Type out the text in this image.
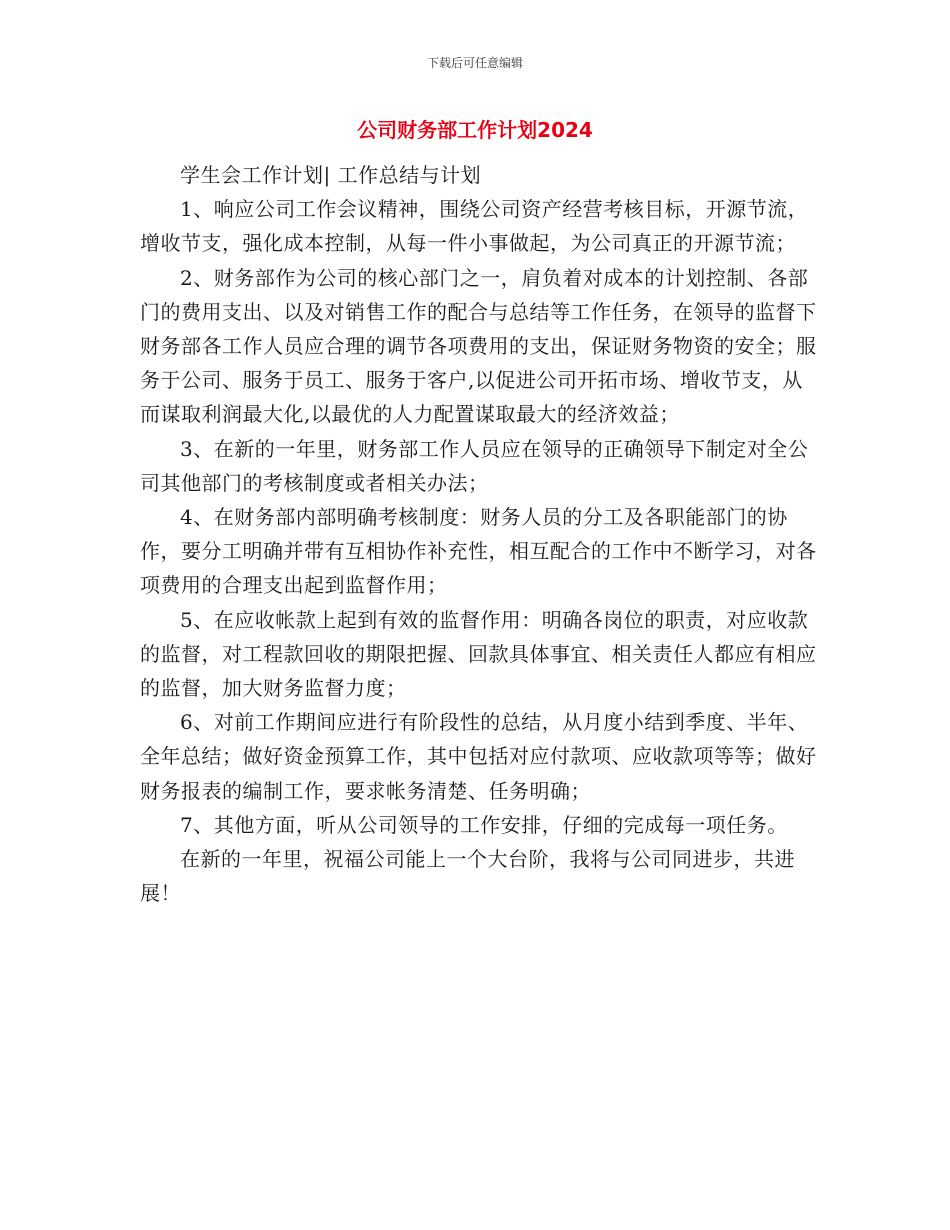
下载后可任意编辑
公司财务部工作计划2024

学生会工作计划| 工作总结与计划

1、响应公司工作会议精神，围绕公司资产经营考核目标，开源节流，增收节支，强化成本控制，从每一件小事做起，为公司真正的开源节流；

2、财务部作为公司的核心部门之一，肩负着对成本的计划控制、各部门的费用支出、以及对销售工作的配合与总结等工作任务，在领导的监督下财务部各工作人员应合理的调节各项费用的支出，保证财务物资的安全；服务于公司、服务于员工、服务于客户,以促进公司开拓市场、增收节支，从而谋取利润最大化,以最优的人力配置谋取最大的经济效益；

3、在新的一年里，财务部工作人员应在领导的正确领导下制定对全公司其他部门的考核制度或者相关办法；

4、在财务部内部明确考核制度：财务人员的分工及各职能部门的协作，要分工明确并带有互相协作补充性，相互配合的工作中不断学习，对各项费用的合理支出起到监督作用；

5、在应收帐款上起到有效的监督作用：明确各岗位的职责，对应收款的监督，对工程款回收的期限把握、回款具体事宜、相关责任人都应有相应的监督，加大财务监督力度；

6、对前工作期间应进行有阶段性的总结，从月度小结到季度、半年、全年总结；做好资金预算工作，其中包括对应付款项、应收款项等等；做好财务报表的编制工作，要求帐务清楚、任务明确；

7、其他方面，听从公司领导的工作安排，仔细的完成每一项任务。

在新的一年里，祝福公司能上一个大台阶，我将与公司同进步，共进展！
